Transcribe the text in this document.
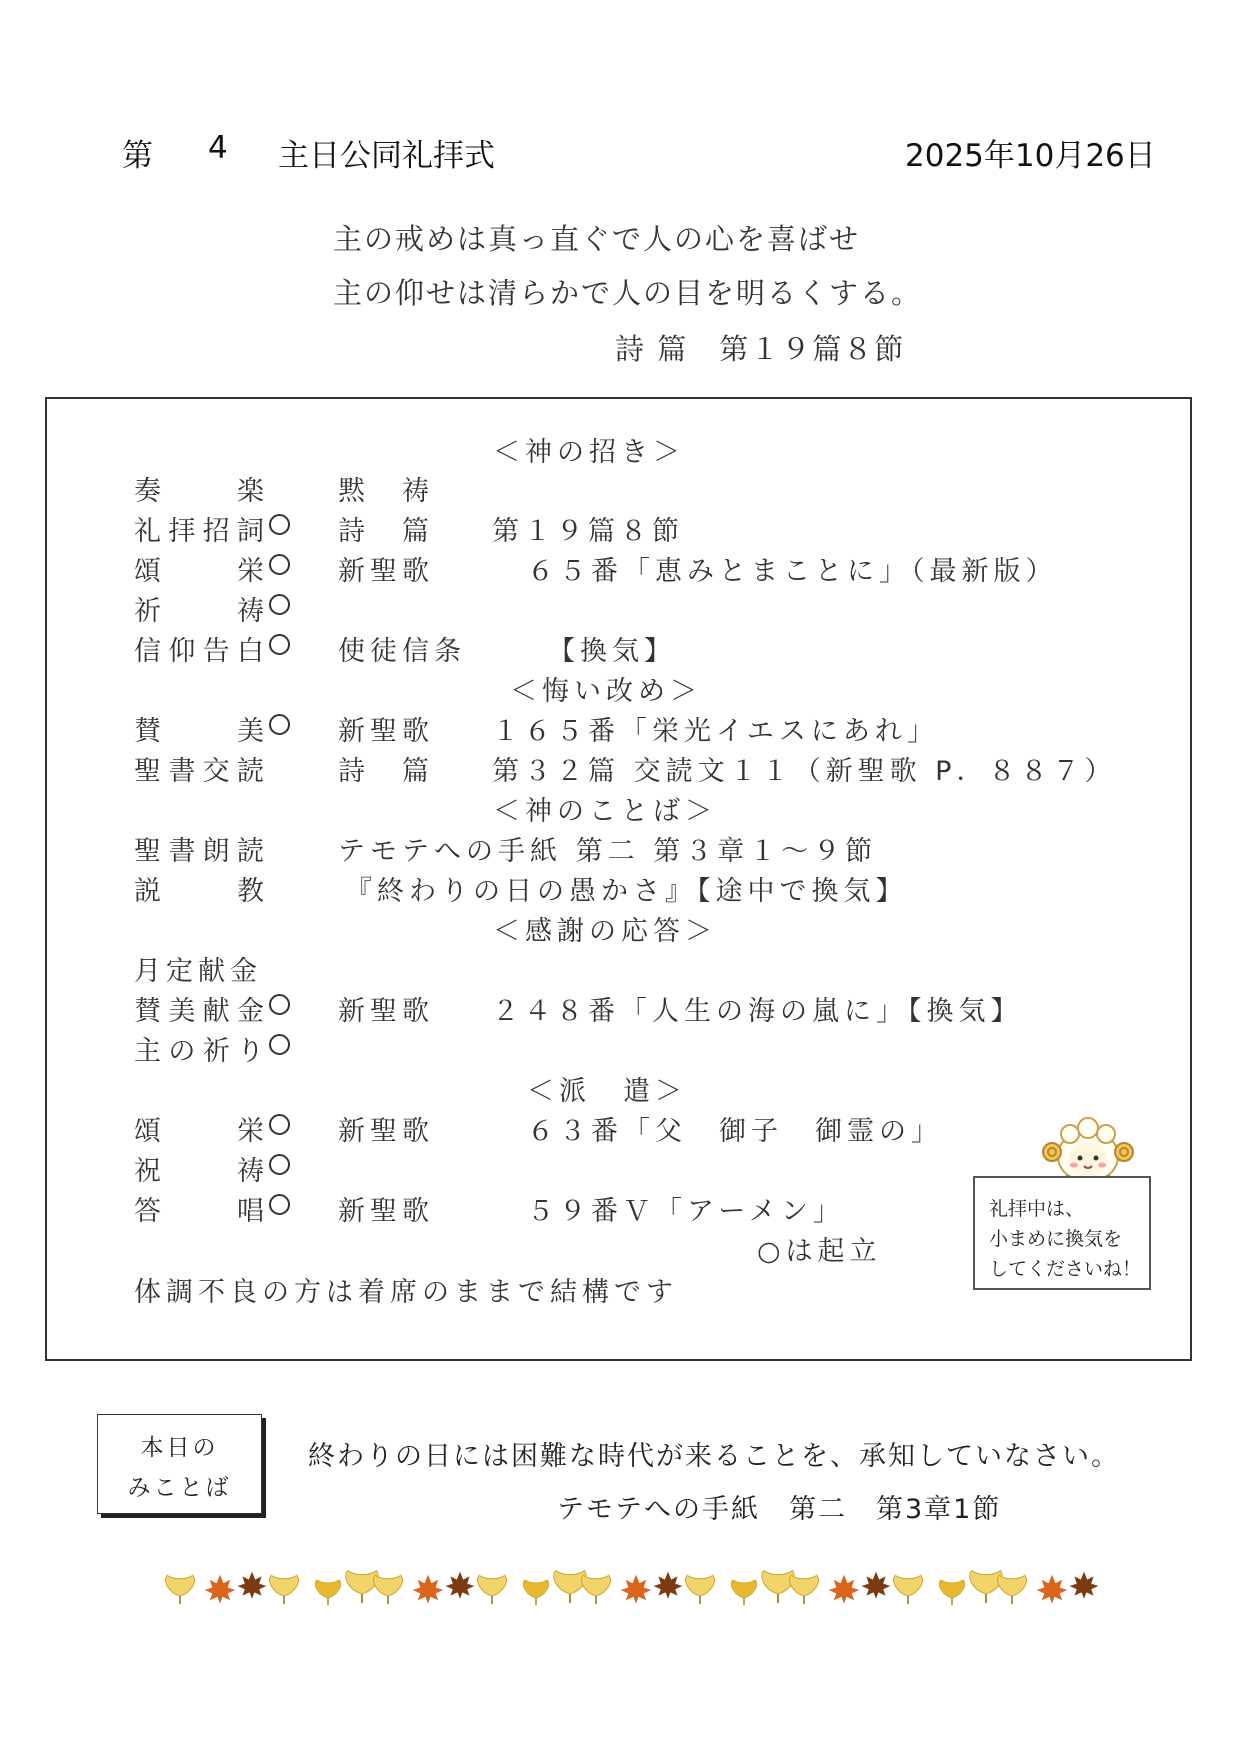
第 4 主日公同礼拝式	2025年10月26日
主の戒めは真っ直ぐで人の心を喜ばせ
主の仰せは清らかで人の目を明るくする。
詩 篇　第１９篇８節
＜神の招き＞
奏楽	黙　祷
礼拝招詞	詩　篇 第１９篇８節
頌栄	新聖歌	６５番「恵みとまことに」（最新版）
祈祷
信仰告白	使徒信条	【換気】
＜悔い改め＞
賛美	新聖歌 １６５番「栄光イエスにあれ」
聖書交読	詩　篇 第３２篇 交読文１１（新聖歌 P．８８７）
＜神のことば＞
聖書朗読	テモテへの手紙 第二 第３章１～９節
説教	『終わりの日の愚かさ』【途中で換気】
＜感謝の応答＞
月定献金
賛美献金	新聖歌 ２４８番「人生の海の嵐に」【換気】
主の祈り
＜派　遣＞
頌栄	新聖歌	６３番「父　御子　御霊の」
祝祷
答唱	新聖歌	５９番Ｖ「アーメン」
○は起立
体調不良の方は着席のままで結構です
礼拝中は、
小まめに換気を
してくださいね！
本日の
みことば
終わりの日には困難な時代が来ることを、承知していなさい。
テモテへの手紙　第二　第3章1節
